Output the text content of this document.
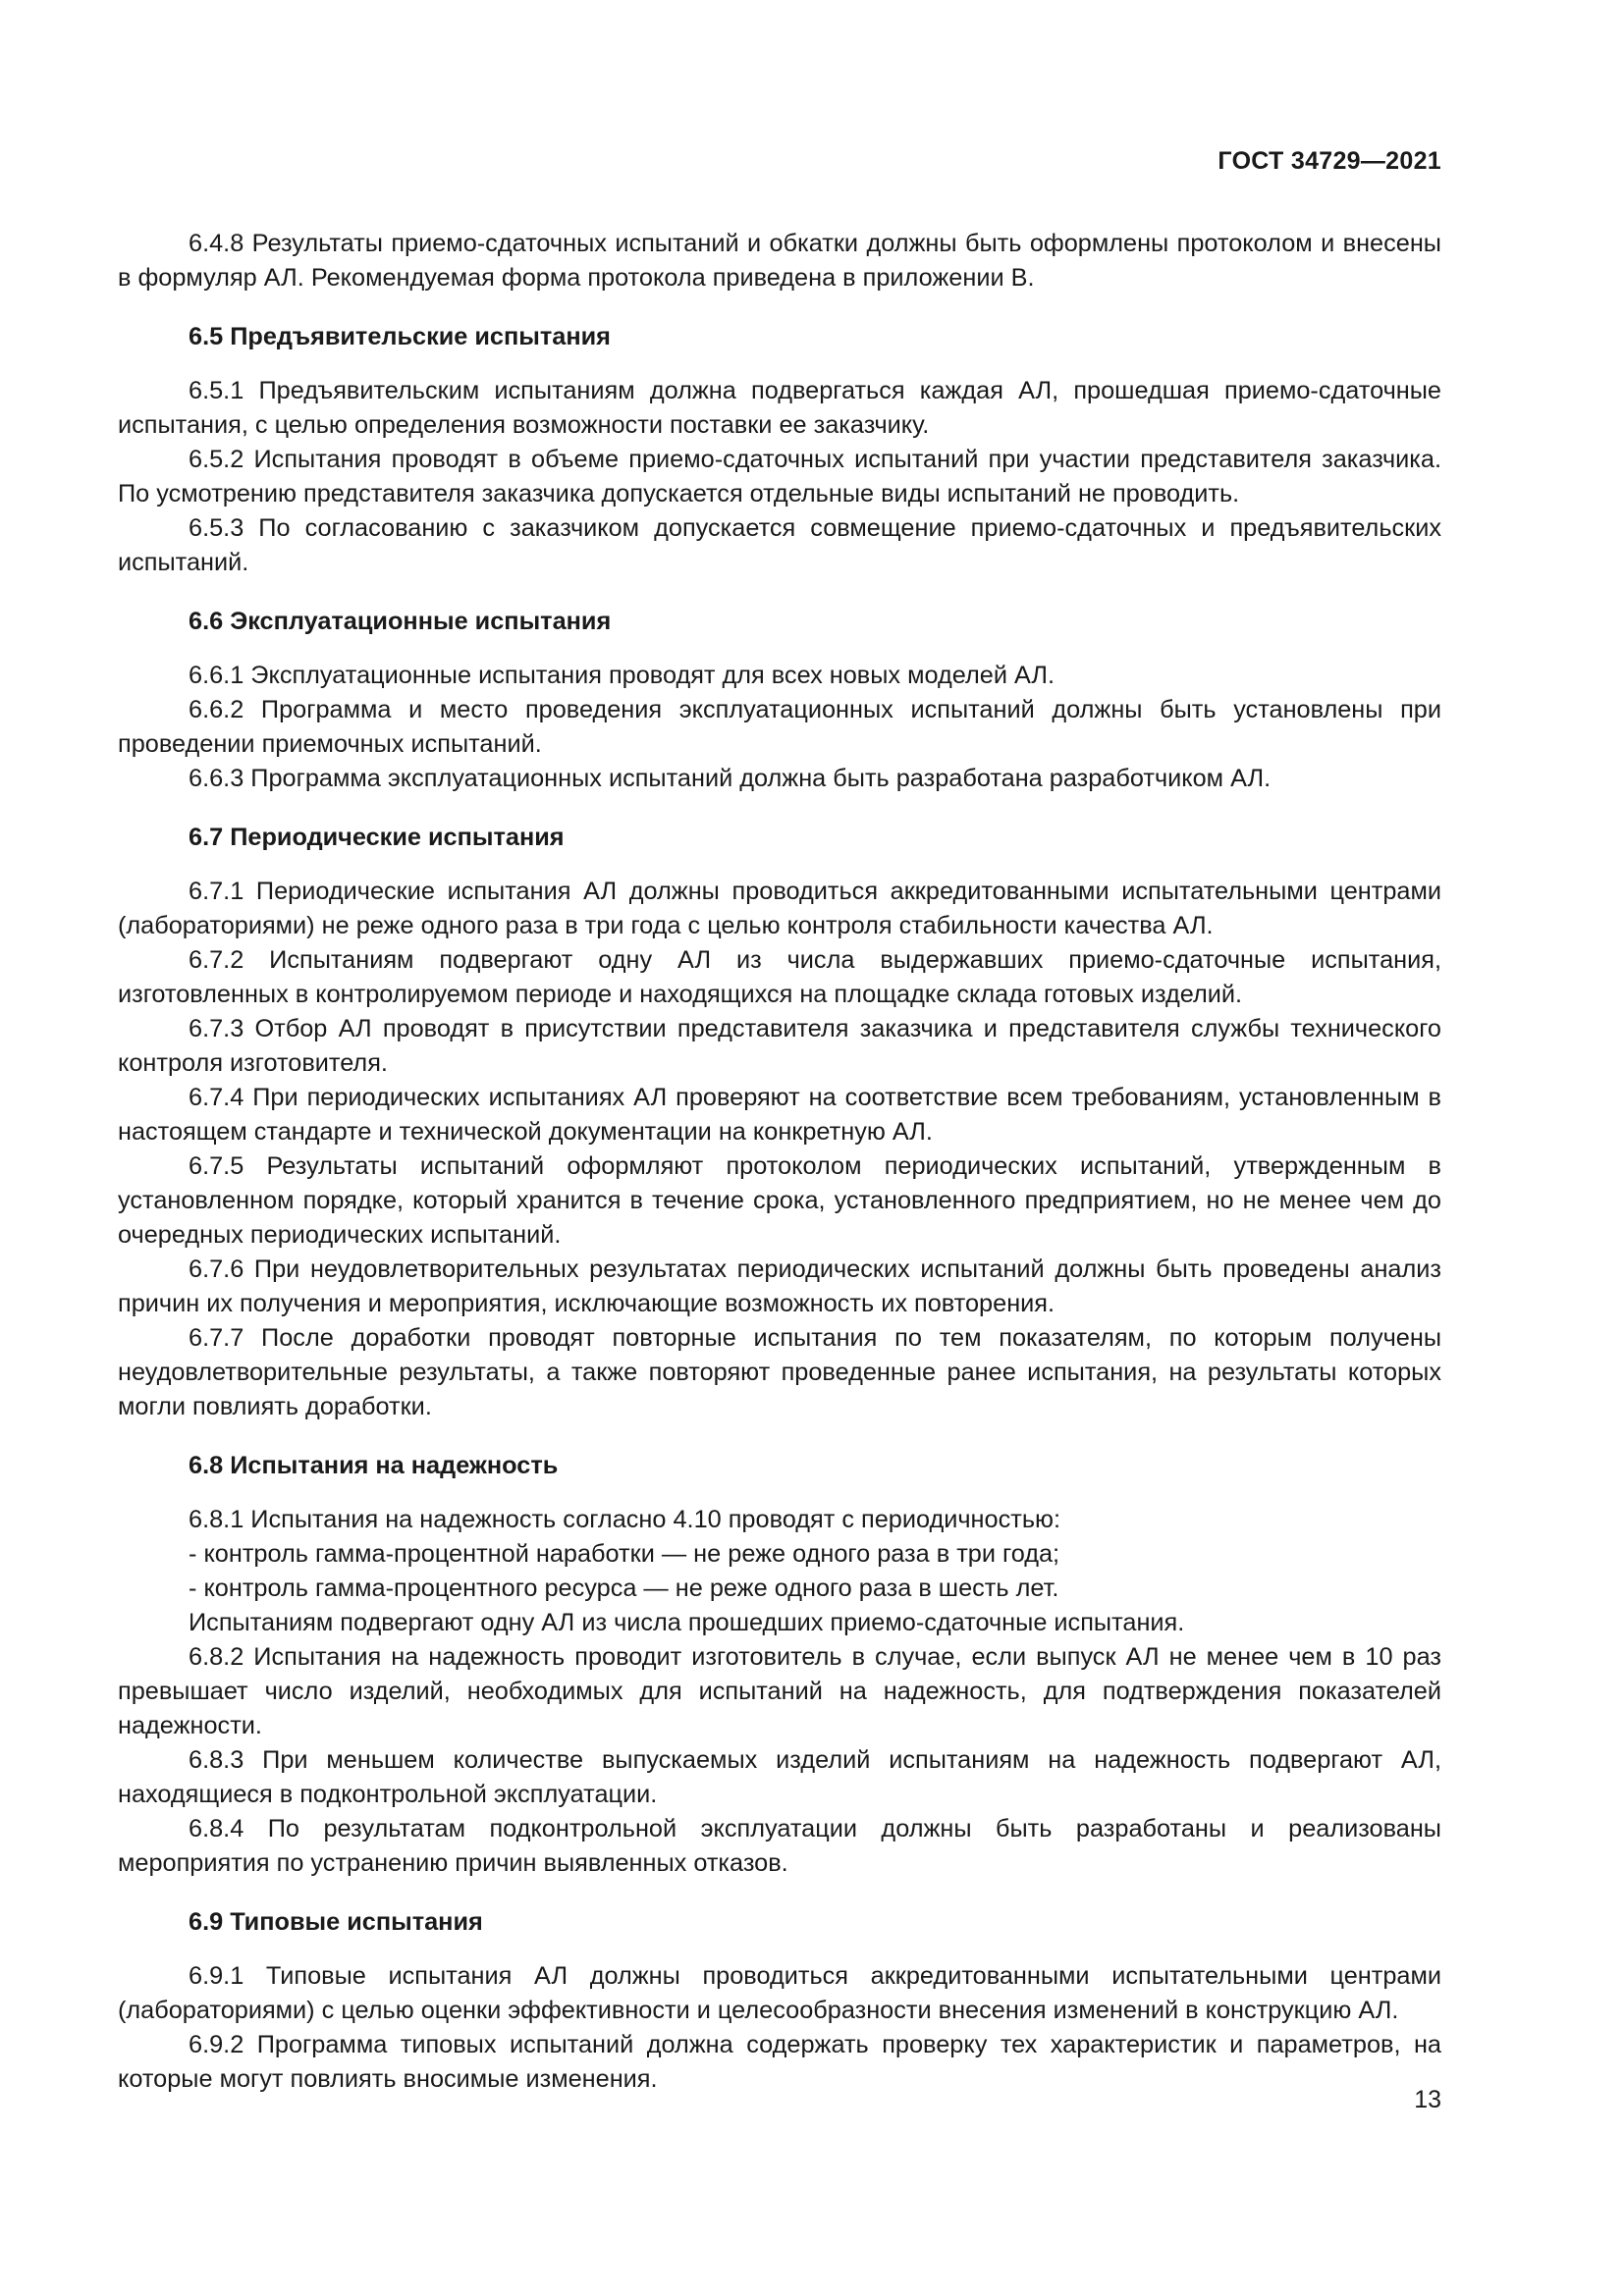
ГОСТ 34729—2021

6.4.8 Результаты приемо-сдаточных испытаний и обкатки должны быть оформлены протоколом и внесены в формуляр АЛ. Рекомендуемая форма протокола приведена в приложении В.

6.5 Предъявительские испытания

6.5.1 Предъявительским испытаниям должна подвергаться каждая АЛ, прошедшая приемо-сдаточные испытания, с целью определения возможности поставки ее заказчику.

6.5.2 Испытания проводят в объеме приемо-сдаточных испытаний при участии представителя заказчика. По усмотрению представителя заказчика допускается отдельные виды испытаний не проводить.

6.5.3 По согласованию с заказчиком допускается совмещение приемо-сдаточных и предъявительских испытаний.

6.6 Эксплуатационные испытания

6.6.1 Эксплуатационные испытания проводят для всех новых моделей АЛ.

6.6.2 Программа и место проведения эксплуатационных испытаний должны быть установлены при проведении приемочных испытаний.

6.6.3 Программа эксплуатационных испытаний должна быть разработана разработчиком АЛ.

6.7 Периодические испытания

6.7.1 Периодические испытания АЛ должны проводиться аккредитованными испытательными центрами (лабораториями) не реже одного раза в три года с целью контроля стабильности качества АЛ.

6.7.2 Испытаниям подвергают одну АЛ из числа выдержавших приемо-сдаточные испытания, изготовленных в контролируемом периоде и находящихся на площадке склада готовых изделий.

6.7.3 Отбор АЛ проводят в присутствии представителя заказчика и представителя службы технического контроля изготовителя.

6.7.4 При периодических испытаниях АЛ проверяют на соответствие всем требованиям, установленным в настоящем стандарте и технической документации на конкретную АЛ.

6.7.5 Результаты испытаний оформляют протоколом периодических испытаний, утвержденным в установленном порядке, который хранится в течение срока, установленного предприятием, но не менее чем до очередных периодических испытаний.

6.7.6 При неудовлетворительных результатах периодических испытаний должны быть проведены анализ причин их получения и мероприятия, исключающие возможность их повторения.

6.7.7 После доработки проводят повторные испытания по тем показателям, по которым получены неудовлетворительные результаты, а также повторяют проведенные ранее испытания, на результаты которых могли повлиять доработки.

6.8 Испытания на надежность

6.8.1 Испытания на надежность согласно 4.10 проводят с периодичностью:

- контроль гамма-процентной наработки — не реже одного раза в три года;

- контроль гамма-процентного ресурса — не реже одного раза в шесть лет.

Испытаниям подвергают одну АЛ из числа прошедших приемо-сдаточные испытания.

6.8.2 Испытания на надежность проводит изготовитель в случае, если выпуск АЛ не менее чем в 10 раз превышает число изделий, необходимых для испытаний на надежность, для подтверждения показателей надежности.

6.8.3 При меньшем количестве выпускаемых изделий испытаниям на надежность подвергают АЛ, находящиеся в подконтрольной эксплуатации.

6.8.4 По результатам подконтрольной эксплуатации должны быть разработаны и реализованы мероприятия по устранению причин выявленных отказов.

6.9 Типовые испытания

6.9.1 Типовые испытания АЛ должны проводиться аккредитованными испытательными центрами (лабораториями) с целью оценки эффективности и целесообразности внесения изменений в конструкцию АЛ.

6.9.2 Программа типовых испытаний должна содержать проверку тех характеристик и параметров, на которые могут повлиять вносимые изменения.

13
